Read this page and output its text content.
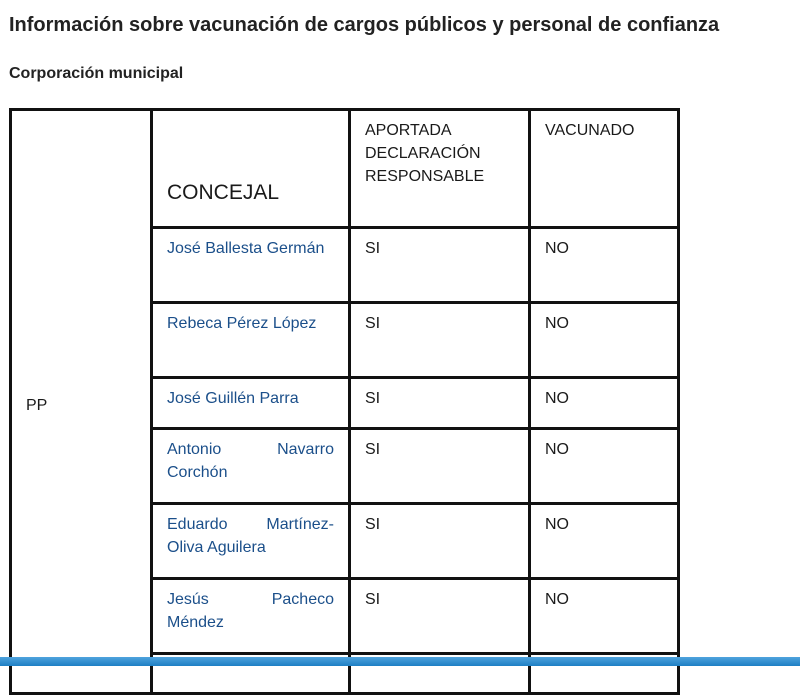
Información sobre vacunación de cargos públicos y personal de confianza
Corporación municipal
PP	CONCEJAL	APORTADA DECLARACIÓN RESPONSABLE	VACUNADO

	José Ballesta Germán	SI	NO

	Rebeca Pérez López	SI	NO

	José Guillén Parra	SI	NO

	Antonio Navarro Corchón	SI	NO

	Eduardo Martínez-Oliva Aguilera	SI	NO

	Jesús Pacheco Méndez	SI	NO
